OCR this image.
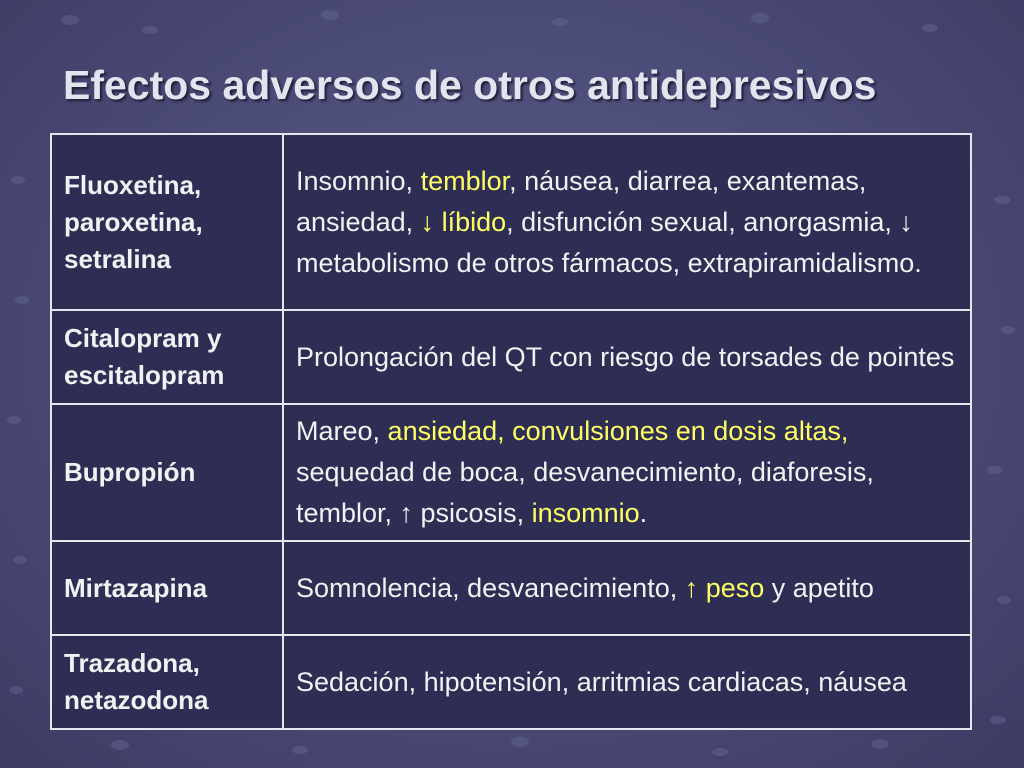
Efectos adversos de otros antidepresivos
Fluoxetina, paroxetina, setralina	Insomnio, temblor, náusea, diarrea, exantemas, ansiedad, ↓ líbido, disfunción sexual, anorgasmia, ↓ metabolismo de otros fármacos, extrapiramidalismo.
Citalopram y escitalopram	Prolongación del QT con riesgo de torsades de pointes
Bupropión	Mareo, ansiedad, convulsiones en dosis altas, sequedad de boca, desvanecimiento, diaforesis, temblor, ↑ psicosis, insomnio.
Mirtazapina	Somnolencia, desvanecimiento, ↑ peso y apetito
Trazadona, netazodona	Sedación, hipotensión, arritmias cardiacas, náusea
